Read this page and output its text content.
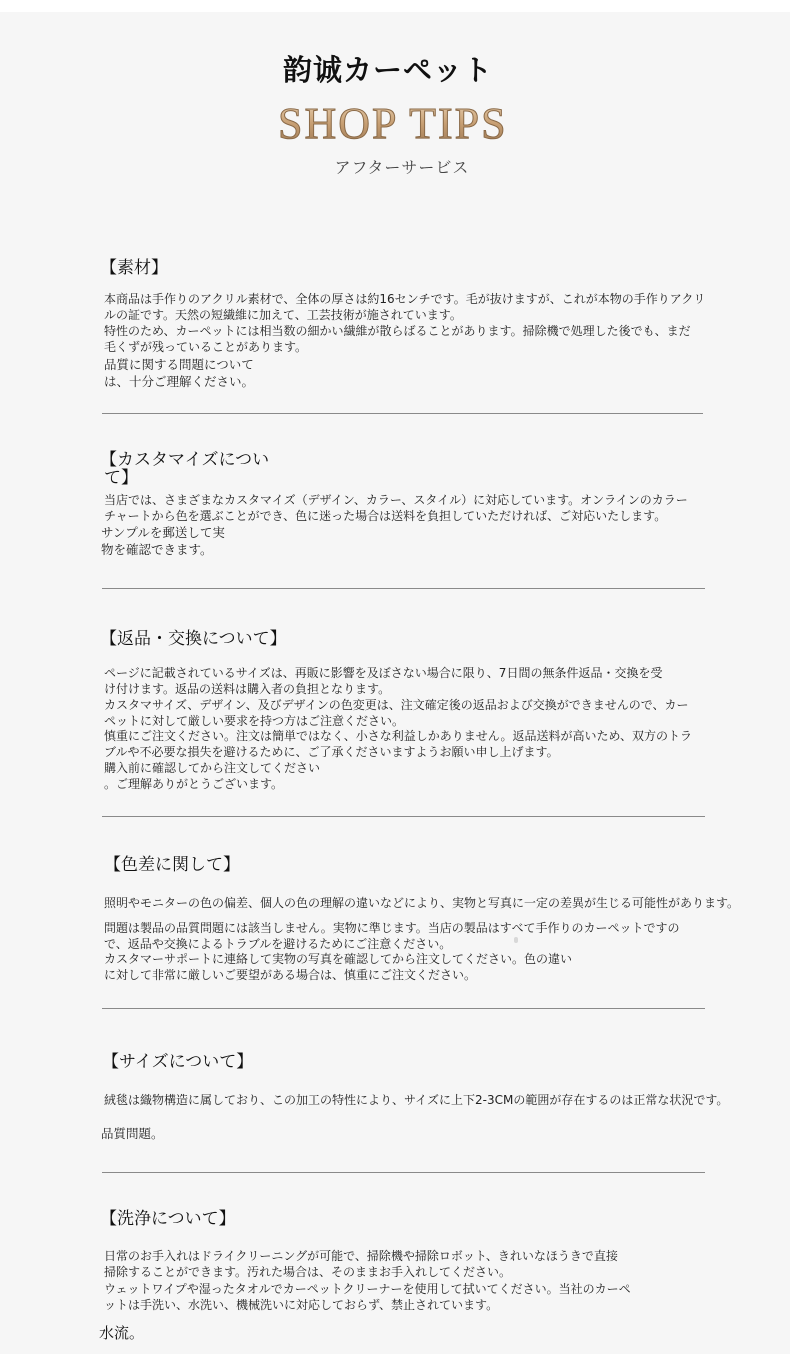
韵诚カーペット
SHOP TIPS
アフターサービス
【素材】
本商品は手作りのアクリル素材で、全体の厚さは約16センチです。毛が抜けますが、これが本物の手作りアクリ
ルの証です。天然の短繊維に加えて、工芸技術が施されています。
特性のため、カーペットには相当数の細かい繊維が散らばることがあります。掃除機で処理した後でも、まだ
毛くずが残っていることがあります。
品質に関する問題について
は、十分ご理解ください。
【カスタマイズについ
て】
当店では、さまざまなカスタマイズ（デザイン、カラー、スタイル）に対応しています。オンラインのカラー
チャートから色を選ぶことができ、色に迷った場合は送料を負担していただければ、ご対応いたします。
サンプルを郵送して実
物を確認できます。
【返品・交換について】
ページに記載されているサイズは、再販に影響を及ぼさない場合に限り、7日間の無条件返品・交換を受
け付けます。返品の送料は購入者の負担となります。
カスタマサイズ、デザイン、及びデザインの色変更は、注文確定後の返品および交換ができませんので、カー
ペットに対して厳しい要求を持つ方はご注意ください。
慎重にご注文ください。注文は簡単ではなく、小さな利益しかありません。返品送料が高いため、双方のトラ
ブルや不必要な損失を避けるために、ご了承くださいますようお願い申し上げます。
購入前に確認してから注文してください
。ご理解ありがとうございます。
【色差に関して】
照明やモニターの色の偏差、個人の色の理解の違いなどにより、実物と写真に一定の差異が生じる可能性があります。
問題は製品の品質問題には該当しません。実物に準じます。当店の製品はすべて手作りのカーペットですの
で、返品や交換によるトラブルを避けるためにご注意ください。
カスタマーサポートに連絡して実物の写真を確認してから注文してください。色の違い
に対して非常に厳しいご要望がある場合は、慎重にご注文ください。
【サイズについて】
絨毯は織物構造に属しており、この加工の特性により、サイズに上下2-3CMの範囲が存在するのは正常な状況です。
品質問題。
【洗浄について】
日常のお手入れはドライクリーニングが可能で、掃除機や掃除ロボット、きれいなほうきで直接
掃除することができます。汚れた場合は、そのままお手入れしてください。
ウェットワイプや湿ったタオルでカーペットクリーナーを使用して拭いてください。当社のカーペ
ットは手洗い、水洗い、機械洗いに対応しておらず、禁止されています。
水流。
